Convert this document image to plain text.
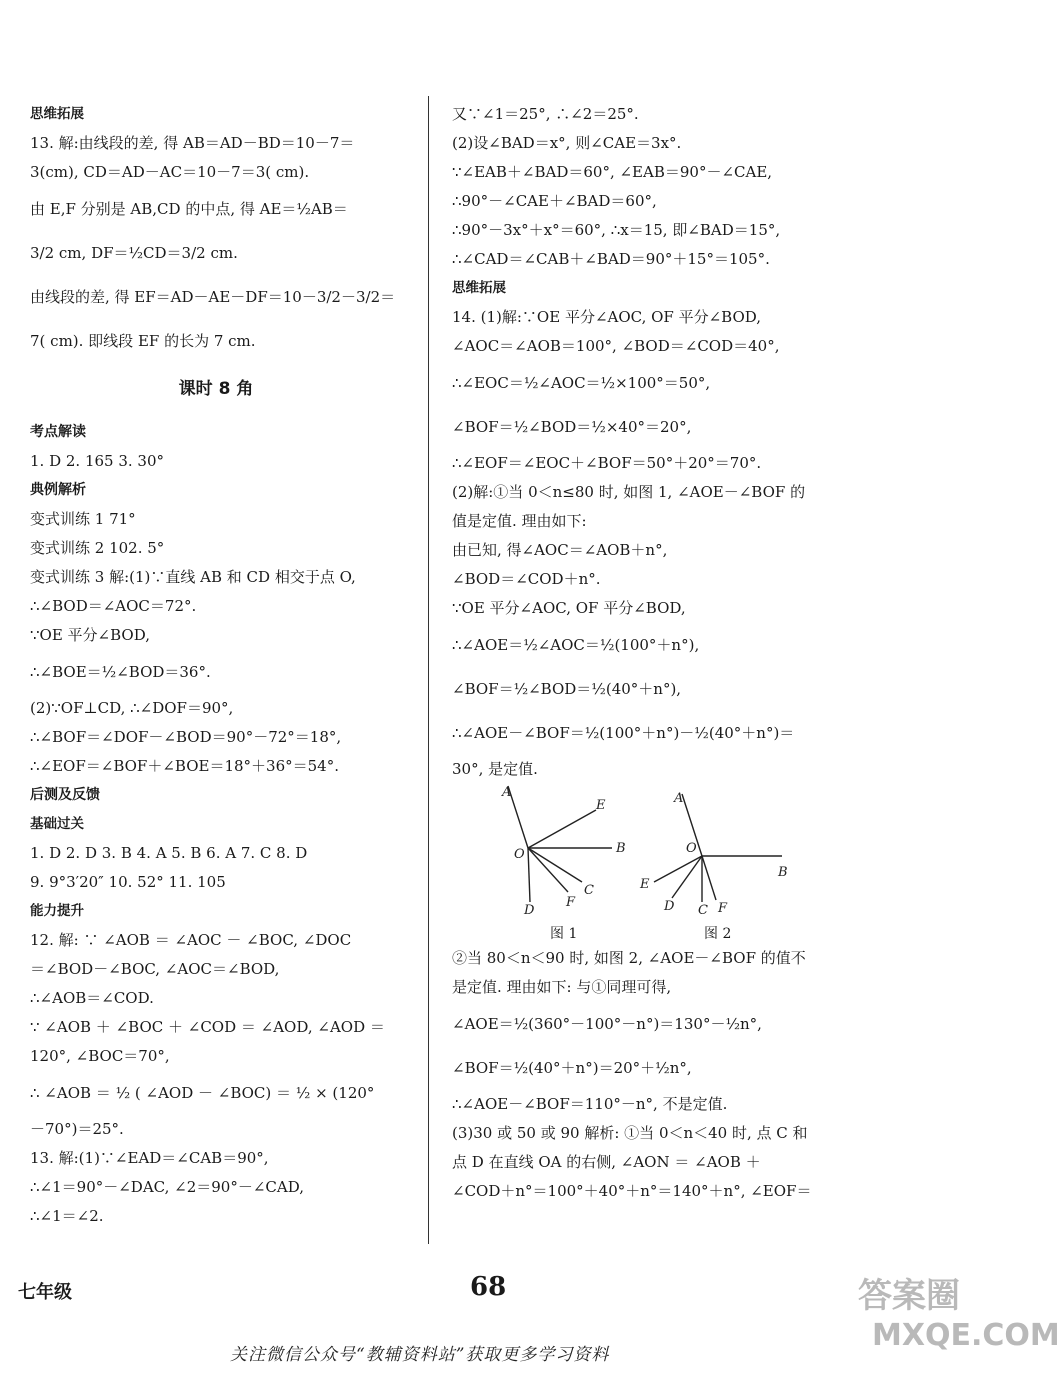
思维拓展
13. 解:由线段的差, 得 AB＝AD－BD＝10－7＝
3(cm), CD＝AD－AC＝10－7＝3( cm).
由 E,F 分别是 AB,CD 的中点, 得 AE＝½AB＝
3/2 cm, DF＝½CD＝3/2 cm.
由线段的差, 得 EF＝AD－AE－DF＝10－3/2－3/2＝
7( cm). 即线段 EF 的长为 7 cm.
课时 8 角
考点解读
1. D 2. 165 3. 30°
典例解析
变式训练 1 71°
变式训练 2 102. 5°
变式训练 3 解:(1)∵直线 AB 和 CD 相交于点 O,
∴∠BOD＝∠AOC＝72°.
∵OE 平分∠BOD,
∴∠BOE＝½∠BOD＝36°.
(2)∵OF⊥CD, ∴∠DOF＝90°,
∴∠BOF＝∠DOF－∠BOD＝90°－72°＝18°,
∴∠EOF＝∠BOF＋∠BOE＝18°＋36°＝54°.
后测及反馈
基础过关
1. D 2. D 3. B 4. A 5. B 6. A 7. C 8. D
9. 9°3′20″ 10. 52° 11. 105
能力提升
12. 解: ∵ ∠AOB ＝ ∠AOC － ∠BOC, ∠DOC
＝∠BOD－∠BOC, ∠AOC＝∠BOD,
∴∠AOB＝∠COD.
∵ ∠AOB ＋ ∠BOC ＋ ∠COD ＝ ∠AOD, ∠AOD ＝
120°, ∠BOC＝70°,
∴ ∠AOB ＝ ½ ( ∠AOD － ∠BOC) ＝ ½ × (120°
－70°)＝25°.
13. 解:(1)∵∠EAD＝∠CAB＝90°,
∴∠1＝90°－∠DAC, ∠2＝90°－∠CAD,
∴∠1＝∠2.
又∵∠1＝25°, ∴∠2＝25°.
(2)设∠BAD＝x°, 则∠CAE＝3x°.
∵∠EAB＋∠BAD＝60°, ∠EAB＝90°－∠CAE,
∴90°－∠CAE＋∠BAD＝60°,
∴90°－3x°＋x°＝60°, ∴x＝15, 即∠BAD＝15°,
∴∠CAD＝∠CAB＋∠BAD＝90°＋15°＝105°.
思维拓展
14. (1)解:∵OE 平分∠AOC, OF 平分∠BOD,
∠AOC＝∠AOB＝100°, ∠BOD＝∠COD＝40°,
∴∠EOC＝½∠AOC＝½×100°＝50°,
∠BOF＝½∠BOD＝½×40°＝20°,
∴∠EOF＝∠EOC＋∠BOF＝50°＋20°＝70°.
(2)解:①当 0＜n≤80 时, 如图 1, ∠AOE－∠BOF 的
值是定值. 理由如下:
由已知, 得∠AOC＝∠AOB＋n°,
∠BOD＝∠COD＋n°.
∵OE 平分∠AOC, OF 平分∠BOD,
∴∠AOE＝½∠AOC＝½(100°＋n°),
∠BOF＝½∠BOD＝½(40°＋n°),
∴∠AOE－∠BOF＝½(100°＋n°)－½(40°＋n°)＝
30°, 是定值.
A
E
O	B
C
F
D
A
O
E
B
D C F
图 1	图 2
②当 80＜n＜90 时, 如图 2, ∠AOE－∠BOF 的值不
是定值. 理由如下: 与①同理可得,
∠AOE＝½(360°－100°－n°)＝130°－½n°,
∠BOF＝½(40°＋n°)＝20°＋½n°,
∴∠AOE－∠BOF＝110°－n°, 不是定值.
(3)30 或 50 或 90 解析: ①当 0＜n＜40 时, 点 C 和
点 D 在直线 OA 的右侧, ∠AON ＝ ∠AOB ＋
∠COD＋n°＝100°＋40°＋n°＝140°＋n°, ∠EOF＝
七年级	68
关注微信公众号“教辅资料站”获取更多学习资料
答案圈
MXQE.COM
